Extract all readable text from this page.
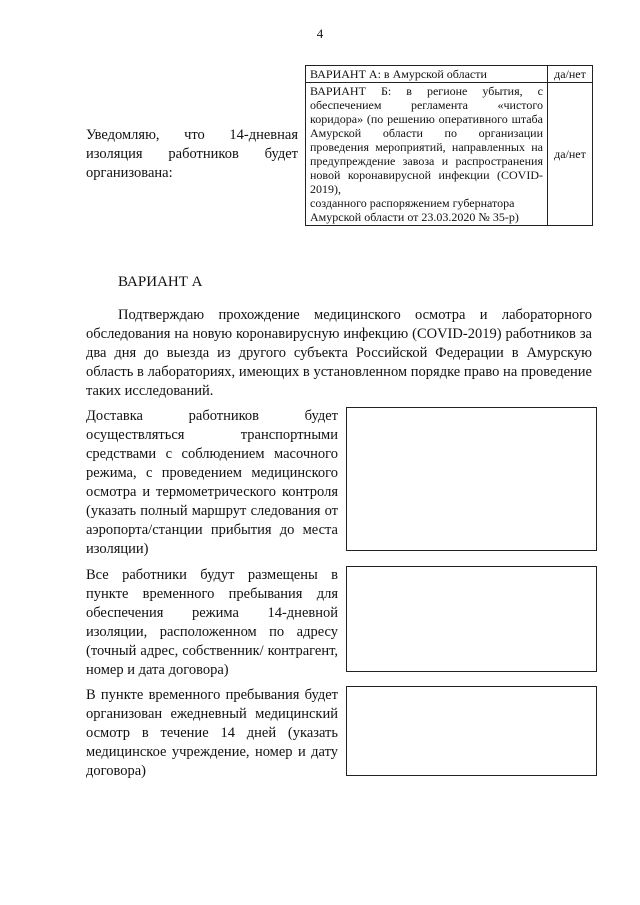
4
Уведомляю, что 14-дневная изоляция работников будет организована:
ВАРИАНТ А: в Амурской области	да/нет

ВАРИАНТ Б: в регионе убытия, с обеспечением регламента «чистого коридора» (по решению оперативного штаба Амурской области по организации проведения мероприятий, направленных на предупреждение завоза и распространения новой коронавирусной инфекции (COVID-2019),
созданного распоряжением губернатора Амурской области от 23.03.2020 № 35-р)	да/нет
ВАРИАНТ А
Подтверждаю прохождение медицинского осмотра и лабораторного обследования на новую коронавирусную инфекцию (COVID-2019) работников за два дня до выезда из другого субъекта Российской Федерации в Амурскую область в лабораториях, имеющих в установленном порядке право на проведение таких исследований.
Доставка работников будет осуществляться транспортными средствами с соблюдением масочного режима, с проведением медицинского осмотра и термометрического контроля (указать полный маршрут следования от аэропорта/станции прибытия до места изоляции)
Все работники будут размещены в пункте временного пребывания для обеспечения режима 14-дневной изоляции, расположенном по адресу (точный адрес, собственник/ контрагент, номер и дата договора)
В пункте временного пребывания будет организован ежедневный медицинский осмотр в течение 14 дней (указать медицинское учреждение, номер и дату договора)
